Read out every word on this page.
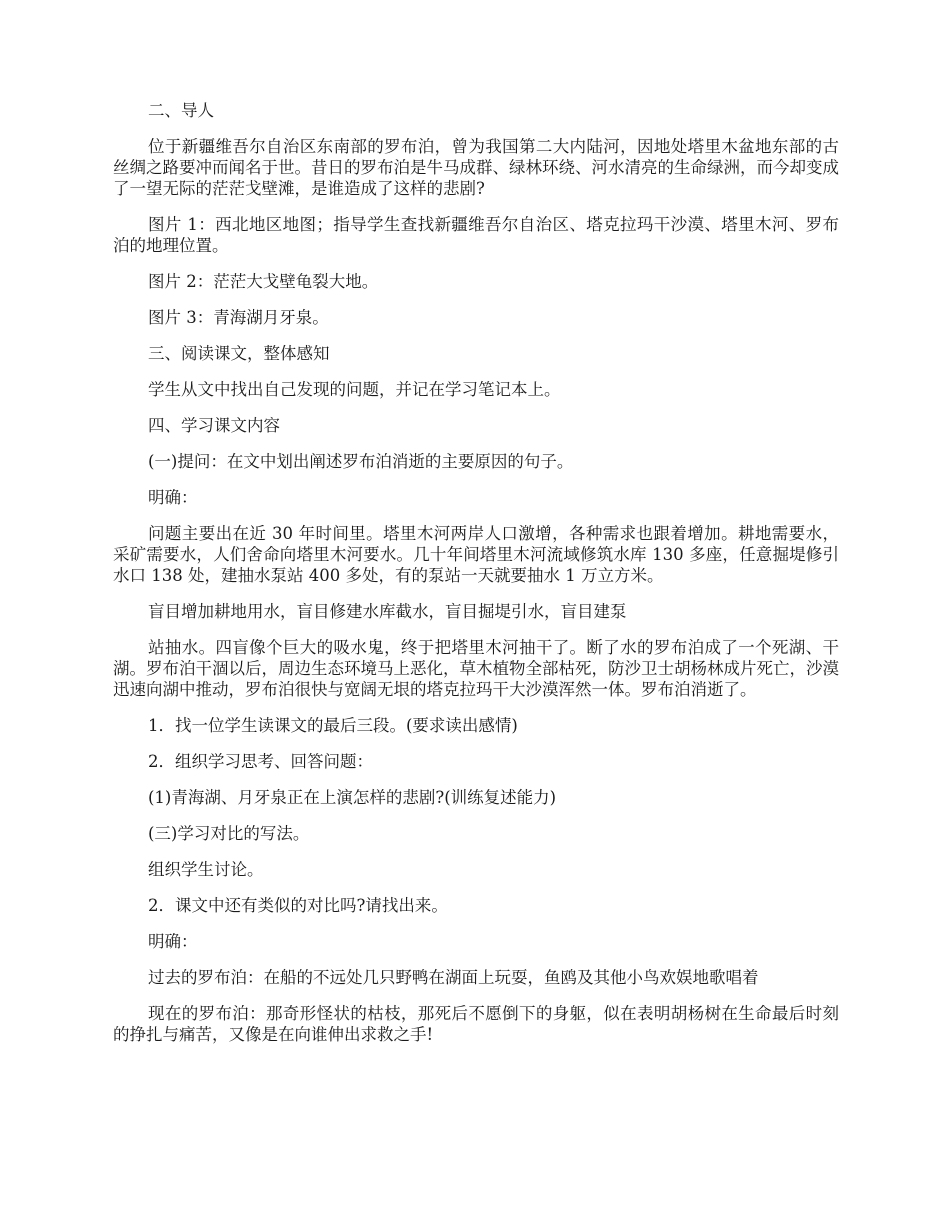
二、导人

位于新疆维吾尔自治区东南部的罗布泊，曾为我国第二大内陆河，因地处塔里木盆地东部的古丝绸之路要冲而闻名于世。昔日的罗布泊是牛马成群、绿林环绕、河水清亮的生命绿洲，而今却变成了一望无际的茫茫戈壁滩，是谁造成了这样的悲剧?

图片 1：西北地区地图；指导学生查找新疆维吾尔自治区、塔克拉玛干沙漠、塔里木河、罗布泊的地理位置。

图片 2：茫茫大戈壁龟裂大地。

图片 3：青海湖月牙泉。

三、阅读课文，整体感知

学生从文中找出自己发现的问题，并记在学习笔记本上。

四、学习课文内容

(一)提问：在文中划出阐述罗布泊消逝的主要原因的句子。

明确：

问题主要出在近 30 年时间里。塔里木河两岸人口激增，各种需求也跟着增加。耕地需要水，采矿需要水，人们舍命向塔里木河要水。几十年间塔里木河流域修筑水库 130 多座，任意掘堤修引水口 138 处，建抽水泵站 400 多处，有的泵站一天就要抽水 1 万立方米。

盲目增加耕地用水，盲目修建水库截水，盲目掘堤引水，盲目建泵

站抽水。四盲像个巨大的吸水鬼，终于把塔里木河抽干了。断了水的罗布泊成了一个死湖、干湖。罗布泊干涸以后，周边生态环境马上恶化，草木植物全部枯死，防沙卫士胡杨林成片死亡，沙漠迅速向湖中推动，罗布泊很快与宽阔无垠的塔克拉玛干大沙漠浑然一体。罗布泊消逝了。

1．找一位学生读课文的最后三段。(要求读出感情)

2．组织学习思考、回答问题：

(1)青海湖、月牙泉正在上演怎样的悲剧?(训练复述能力)

(三)学习对比的写法。

组织学生讨论。

2．课文中还有类似的对比吗?请找出来。

明确：

过去的罗布泊：在船的不远处几只野鸭在湖面上玩耍，鱼鸥及其他小鸟欢娱地歌唱着

现在的罗布泊：那奇形怪状的枯枝，那死后不愿倒下的身躯，似在表明胡杨树在生命最后时刻的挣扎与痛苦，又像是在向谁伸出求救之手!
